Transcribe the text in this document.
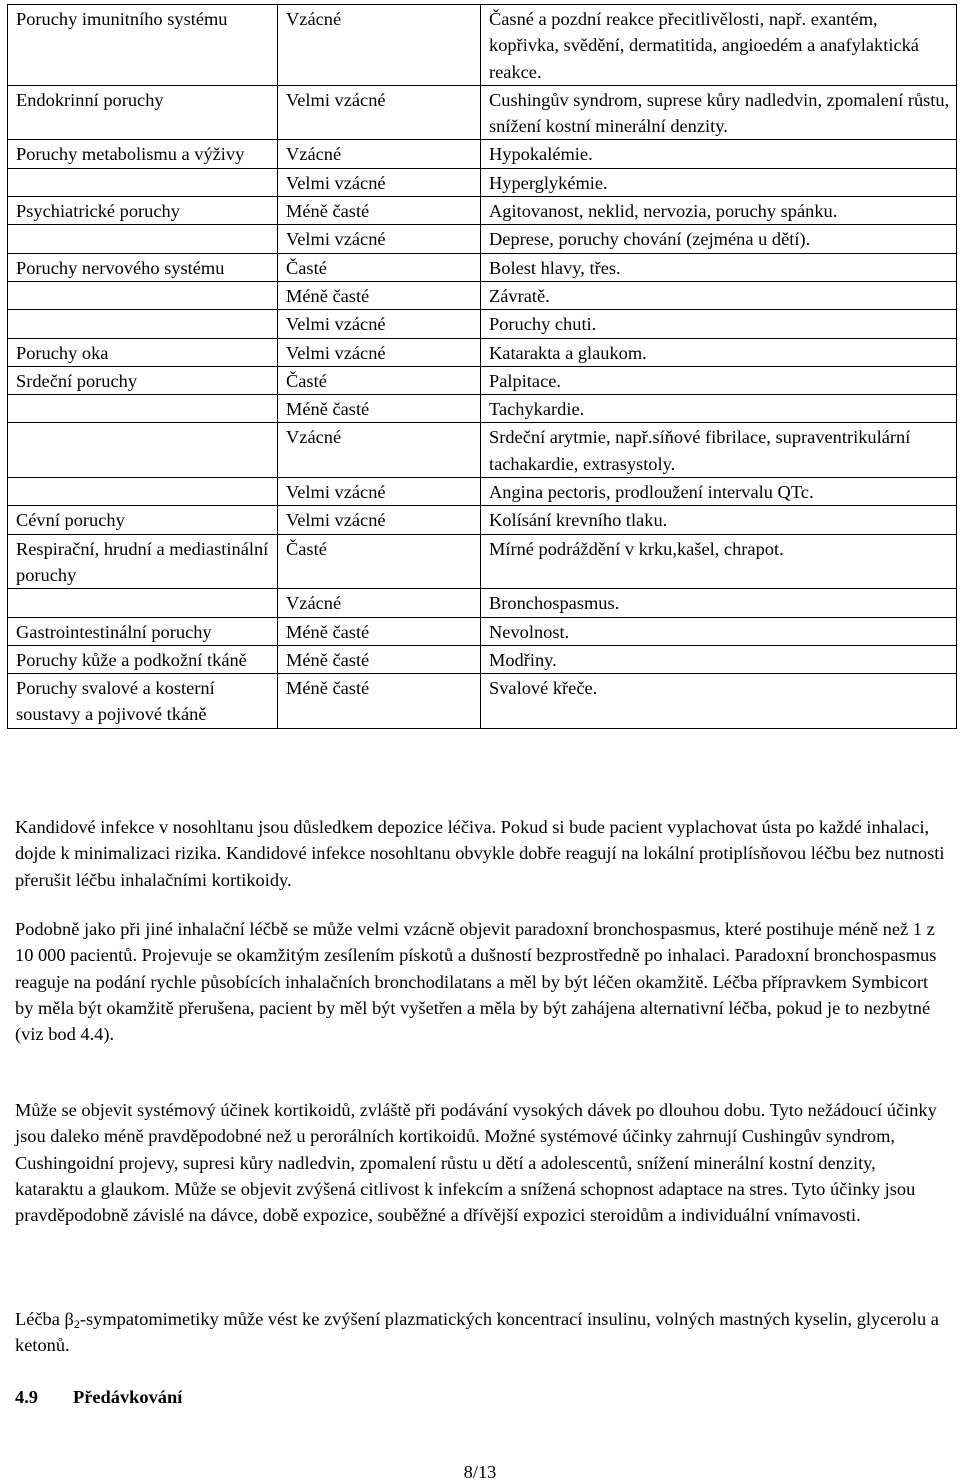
Poruchy imunitního systému	Vzácné	Časné a pozdní reakce přecitlivělosti, např. exantém, kopřivka, svědění, dermatitida, angioedém a anafylaktická reakce.
Endokrinní poruchy	Velmi vzácné	Cushingův syndrom, suprese kůry nadledvin, zpomalení růstu, snížení kostní minerální denzity.
Poruchy metabolismu a výživy	Vzácné	Hypokalémie.
	Velmi vzácné	Hyperglykémie.
Psychiatrické poruchy	Méně časté	Agitovanost, neklid, nervozia, poruchy spánku.
	Velmi vzácné	Deprese, poruchy chování (zejména u dětí).
Poruchy nervového systému	Časté	Bolest hlavy, třes.
	Méně časté	Závratě.
	Velmi vzácné	Poruchy chuti.
Poruchy oka	Velmi vzácné	Katarakta a glaukom.
Srdeční poruchy	Časté	Palpitace.
	Méně časté	Tachykardie.
	Vzácné	Srdeční arytmie, např.síňové fibrilace, supraventrikulární tachakardie, extrasystoly.
	Velmi vzácné	Angina pectoris, prodloužení intervalu QTc.
Cévní poruchy	Velmi vzácné	Kolísání krevního tlaku.
Respirační, hrudní a mediastinální poruchy	Časté	Mírné podráždění v krku,kašel, chrapot.
	Vzácné	Bronchospasmus.
Gastrointestinální poruchy	Méně časté	Nevolnost.
Poruchy kůže a podkožní tkáně	Méně časté	Modřiny.
Poruchy svalové a kosterní soustavy a pojivové tkáně	Méně časté	Svalové křeče.

Kandidové infekce v nosohltanu jsou důsledkem depozice léčiva. Pokud si bude pacient vyplachovat ústa po každé inhalaci, dojde k minimalizaci rizika. Kandidové infekce nosohltanu obvykle dobře reagují na lokální protiplísňovou léčbu bez nutnosti přerušit léčbu inhalačními kortikoidy.

Podobně jako při jiné inhalační léčbě se může velmi vzácně objevit paradoxní bronchospasmus, které postihuje méně než 1 z 10 000 pacientů. Projevuje se okamžitým zesílením pískotů a dušností bezprostředně po inhalaci. Paradoxní bronchospasmus reaguje na podání rychle působících inhalačních bronchodilatans a měl by být léčen okamžitě. Léčba přípravkem Symbicort by měla být okamžitě přerušena, pacient by měl být vyšetřen a měla by být zahájena alternativní léčba, pokud je to nezbytné (viz bod 4.4).

Může se objevit systémový účinek kortikoidů, zvláště při podávání vysokých dávek po dlouhou dobu. Tyto nežádoucí účinky jsou daleko méně pravděpodobné než u perorálních kortikoidů. Možné systémové účinky zahrnují Cushingův syndrom, Cushingoidní projevy, supresi kůry nadledvin, zpomalení růstu u dětí a adolescentů, snížení minerální kostní denzity, kataraktu a glaukom. Může se objevit zvýšená citlivost k infekcím a snížená schopnost adaptace na stres. Tyto účinky jsou pravděpodobně závislé na dávce, době expozice, souběžné a dřívější expozici steroidům a individuální vnímavosti.

Léčba $\beta_2$-sympatomimetiky může vést ke zvýšení plazmatických koncentrací insulinu, volných mastných kyselin, glycerolu a ketonů.

4.9 Předávkování

8/13
